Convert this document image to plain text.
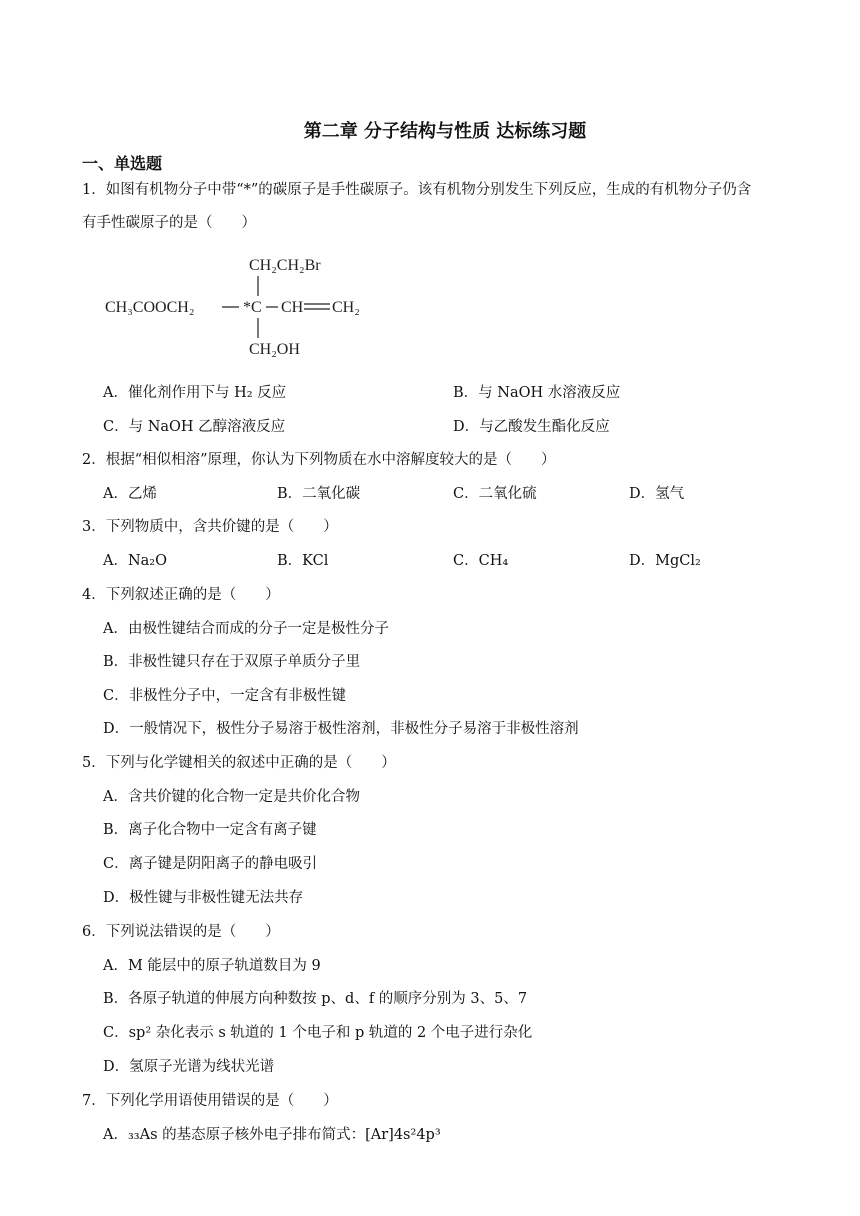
第二章 分子结构与性质 达标练习题
一、单选题
1．如图有机物分子中带“*”的碳原子是手性碳原子。该有机物分别发生下列反应，生成的有机物分子仍含
有手性碳原子的是（　　）
CH₂CH₂Br
CH₃COOCH₂	*C CH CH₂
CH₂OH
A．催化剂作用下与 H₂ 反应	B．与 NaOH 水溶液反应
C．与 NaOH 乙醇溶液反应	D．与乙酸发生酯化反应
2．根据“相似相溶”原理，你认为下列物质在水中溶解度较大的是（　　）
A．乙烯	B．二氧化碳	C．二氧化硫	D．氢气
3．下列物质中，含共价键的是（　　）
A．Na₂O	B．KCl	C．CH₄	D．MgCl₂
4．下列叙述正确的是（　　）
A．由极性键结合而成的分子一定是极性分子
B．非极性键只存在于双原子单质分子里
C．非极性分子中，一定含有非极性键
D．一般情况下，极性分子易溶于极性溶剂，非极性分子易溶于非极性溶剂
5．下列与化学键相关的叙述中正确的是（　　）
A．含共价键的化合物一定是共价化合物
B．离子化合物中一定含有离子键
C．离子键是阴阳离子的静电吸引
D．极性键与非极性键无法共存
6．下列说法错误的是（　　）
A．M 能层中的原子轨道数目为 9
B．各原子轨道的伸展方向种数按 p、d、f 的顺序分别为 3、5、7
C．sp² 杂化表示 s 轨道的 1 个电子和 p 轨道的 2 个电子进行杂化
D．氢原子光谱为线状光谱
7．下列化学用语使用错误的是（　　）
A．₃₃As 的基态原子核外电子排布简式：[Ar]4s²4p³
